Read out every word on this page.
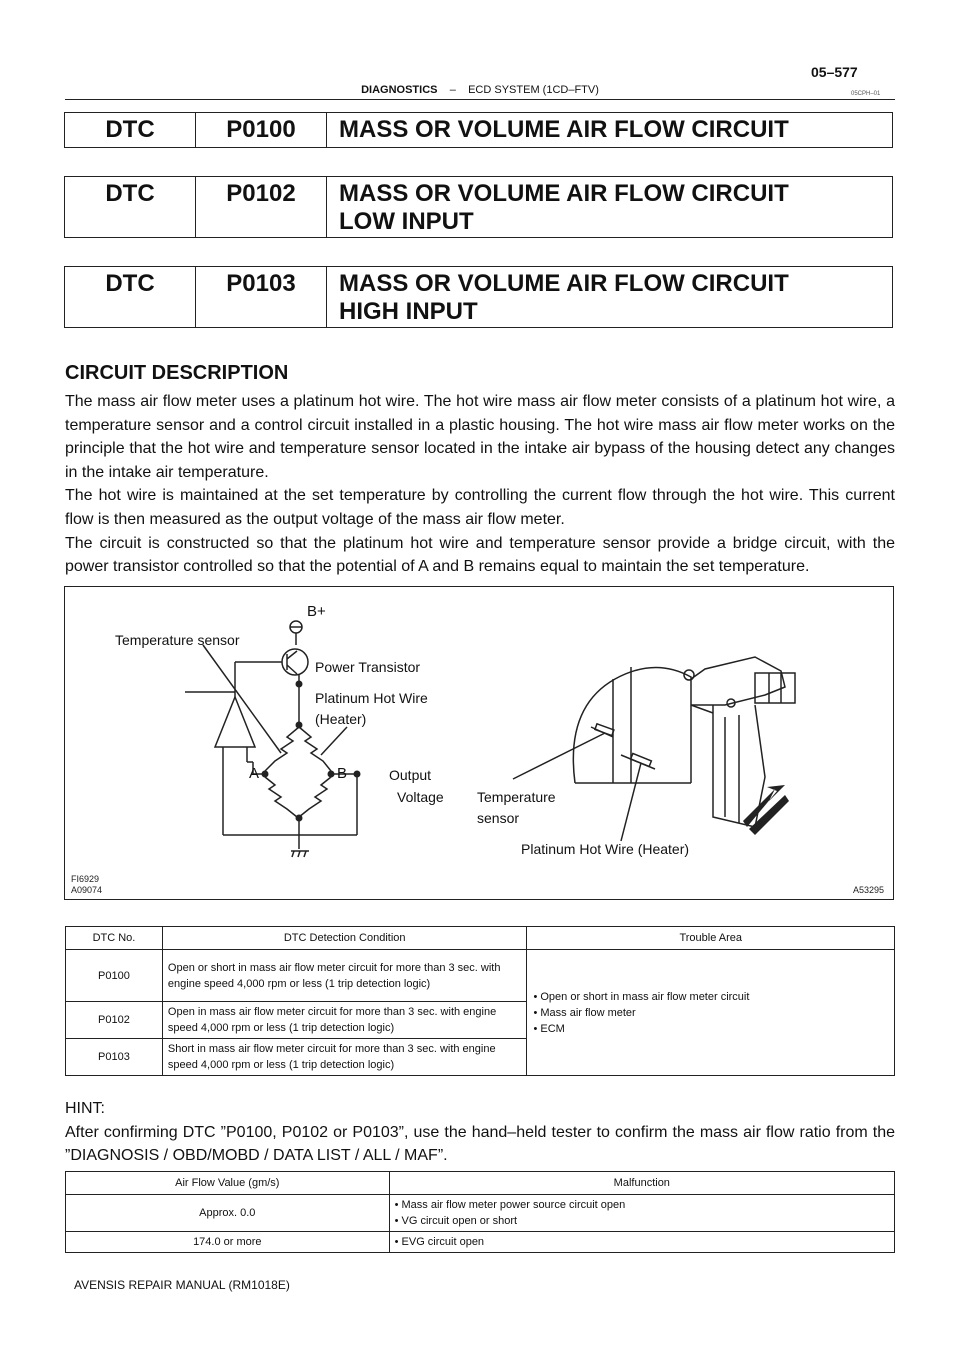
05–577
DIAGNOSTICS – ECD SYSTEM (1CD–FTV)	05CPH–01
DTC	P0100	MASS OR VOLUME AIR FLOW CIRCUIT
DTC	P0102	MASS OR VOLUME AIR FLOW CIRCUIT
LOW INPUT
DTC	P0103	MASS OR VOLUME AIR FLOW CIRCUIT
HIGH INPUT
CIRCUIT DESCRIPTION

The mass air flow meter uses a platinum hot wire. The hot wire mass air flow meter consists of a platinum hot wire, a temperature sensor and a control circuit installed in a plastic housing. The hot wire mass air flow meter works on the principle that the hot wire and temperature sensor located in the intake air bypass of the housing detect any changes in the intake air temperature.

The hot wire is maintained at the set temperature by controlling the current flow through the hot wire. This current flow is then measured as the output voltage of the mass air flow meter.

The circuit is constructed so that the platinum hot wire and temperature sensor provide a bridge circuit, with the power transistor controlled so that the potential of A and B remains equal to maintain the set temperature.

B+
Temperature sensor
Power Transistor
Platinum Hot Wire
(Heater)
A	B	Output
Voltage Temperature
sensor
Platinum Hot Wire (Heater)
FI6929
A09074	A53295
DTC No.	DTC Detection Condition	Trouble Area
P0100	Open or short in mass air flow meter circuit for more than 3 sec. with engine speed 4,000 rpm or less (1 trip detection logic)	• Open or short in mass air flow meter circuit
• Mass air flow meter
• ECM

P0102	Open in mass air flow meter circuit for more than 3 sec. with engine speed 4,000 rpm or less (1 trip detection logic)	
P0103	Short in mass air flow meter circuit for more than 3 sec. with engine speed 4,000 rpm or less (1 trip detection logic)	
HINT:
After confirming DTC ”P0100, P0102 or P0103”, use the hand–held tester to confirm the mass air flow ratio from the ”DIAGNOSIS / OBD/MOBD / DATA LIST / ALL / MAF”.
Air Flow Value (gm/s)	Malfunction
Approx. 0.0	• Mass air flow meter power source circuit open
• VG circuit open or short

174.0 or more	• EVG circuit open
AVENSIS REPAIR MANUAL (RM1018E)
